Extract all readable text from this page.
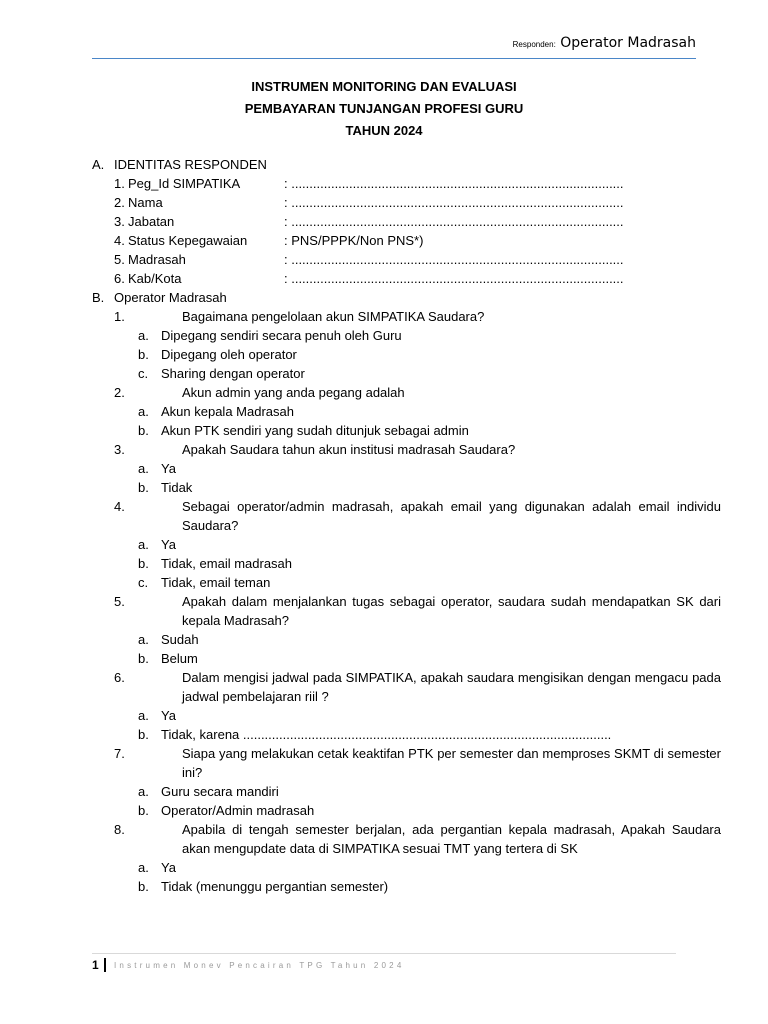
Responden: Operator Madrasah
INSTRUMEN MONITORING DAN EVALUASI
PEMBAYARAN TUNJANGAN PROFESI GURU
TAHUN 2024
A. IDENTITAS RESPONDEN
1. Peg_Id SIMPATIKA	: ............................................................................................
2. Nama	: ............................................................................................
3. Jabatan	: ............................................................................................
4. Status Kepegawaian	: PNS/PPPK/Non PNS*)
5. Madrasah	: ............................................................................................
6. Kab/Kota	: ............................................................................................
B. Operator Madrasah
1.	Bagaimana pengelolaan akun SIMPATIKA Saudara?
a. Dipegang sendiri secara penuh oleh Guru
b. Dipegang oleh operator
c. Sharing dengan operator
2.	Akun admin yang anda pegang adalah
a. Akun kepala Madrasah
b. Akun PTK sendiri yang sudah ditunjuk sebagai admin
3.	Apakah Saudara tahun akun institusi madrasah Saudara?
a. Ya
b. Tidak
4.	Sebagai operator/admin madrasah, apakah email yang digunakan adalah email individu Saudara?
a. Ya
b. Tidak, email madrasah
c. Tidak, email teman
5.	Apakah dalam menjalankan tugas sebagai operator, saudara sudah mendapatkan SK dari kepala Madrasah?
a. Sudah
b. Belum
6.	Dalam mengisi jadwal pada SIMPATIKA, apakah saudara mengisikan dengan mengacu pada jadwal pembelajaran riil ?
a. Ya
b. Tidak, karena ......................................................................................................
7.	Siapa yang melakukan cetak keaktifan PTK per semester dan memproses SKMT di semester ini?
a. Guru secara mandiri
b. Operator/Admin madrasah
8.	Apabila di tengah semester berjalan, ada pergantian kepala madrasah, Apakah Saudara akan mengupdate data di SIMPATIKA sesuai TMT yang tertera di SK
a. Ya
b. Tidak (menunggu pergantian semester)
1 Instrumen Monev Pencairan TPG Tahun 2024
